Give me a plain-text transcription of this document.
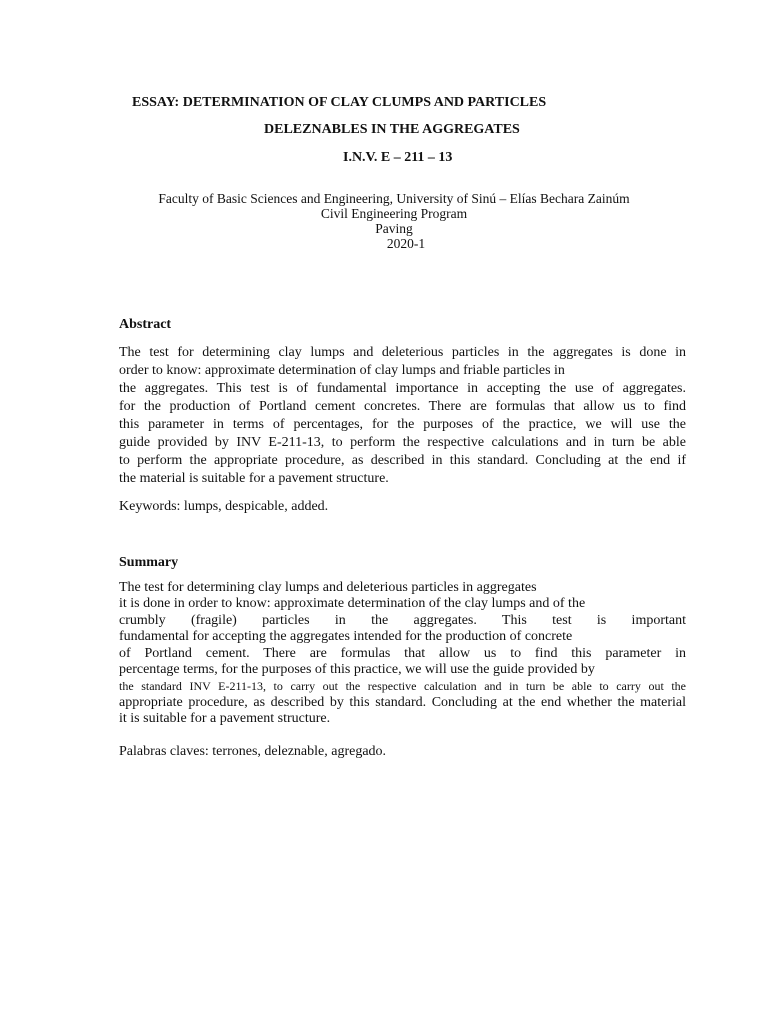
ESSAY: DETERMINATION OF CLAY CLUMPS AND PARTICLES
DELEZNABLES IN THE AGGREGATES
I.N.V. E – 211 – 13
Faculty of Basic Sciences and Engineering, University of Sinú – Elías Bechara Zainúm
Civil Engineering Program
Paving
2020-1
Abstract
The test for determining clay lumps and deleterious particles in the aggregates is done in
order to know: approximate determination of clay lumps and friable particles in
the aggregates. This test is of fundamental importance in accepting the use of aggregates.
for the production of Portland cement concretes. There are formulas that allow us to find
this parameter in terms of percentages, for the purposes of the practice, we will use the
guide provided by INV E-211-13, to perform the respective calculations and in turn be able
to perform the appropriate procedure, as described in this standard. Concluding at the end if
the material is suitable for a pavement structure.
Keywords: lumps, despicable, added.
Summary
The test for determining clay lumps and deleterious particles in aggregates
it is done in order to know: approximate determination of the clay lumps and of the
crumbly (fragile) particles in the aggregates. This test is important
fundamental for accepting the aggregates intended for the production of concrete
of Portland cement. There are formulas that allow us to find this parameter in
percentage terms, for the purposes of this practice, we will use the guide provided by
the standard INV E-211-13, to carry out the respective calculation and in turn be able to carry out the
appropriate procedure, as described by this standard. Concluding at the end whether the material
it is suitable for a pavement structure.
Palabras claves: terrones, deleznable, agregado.
